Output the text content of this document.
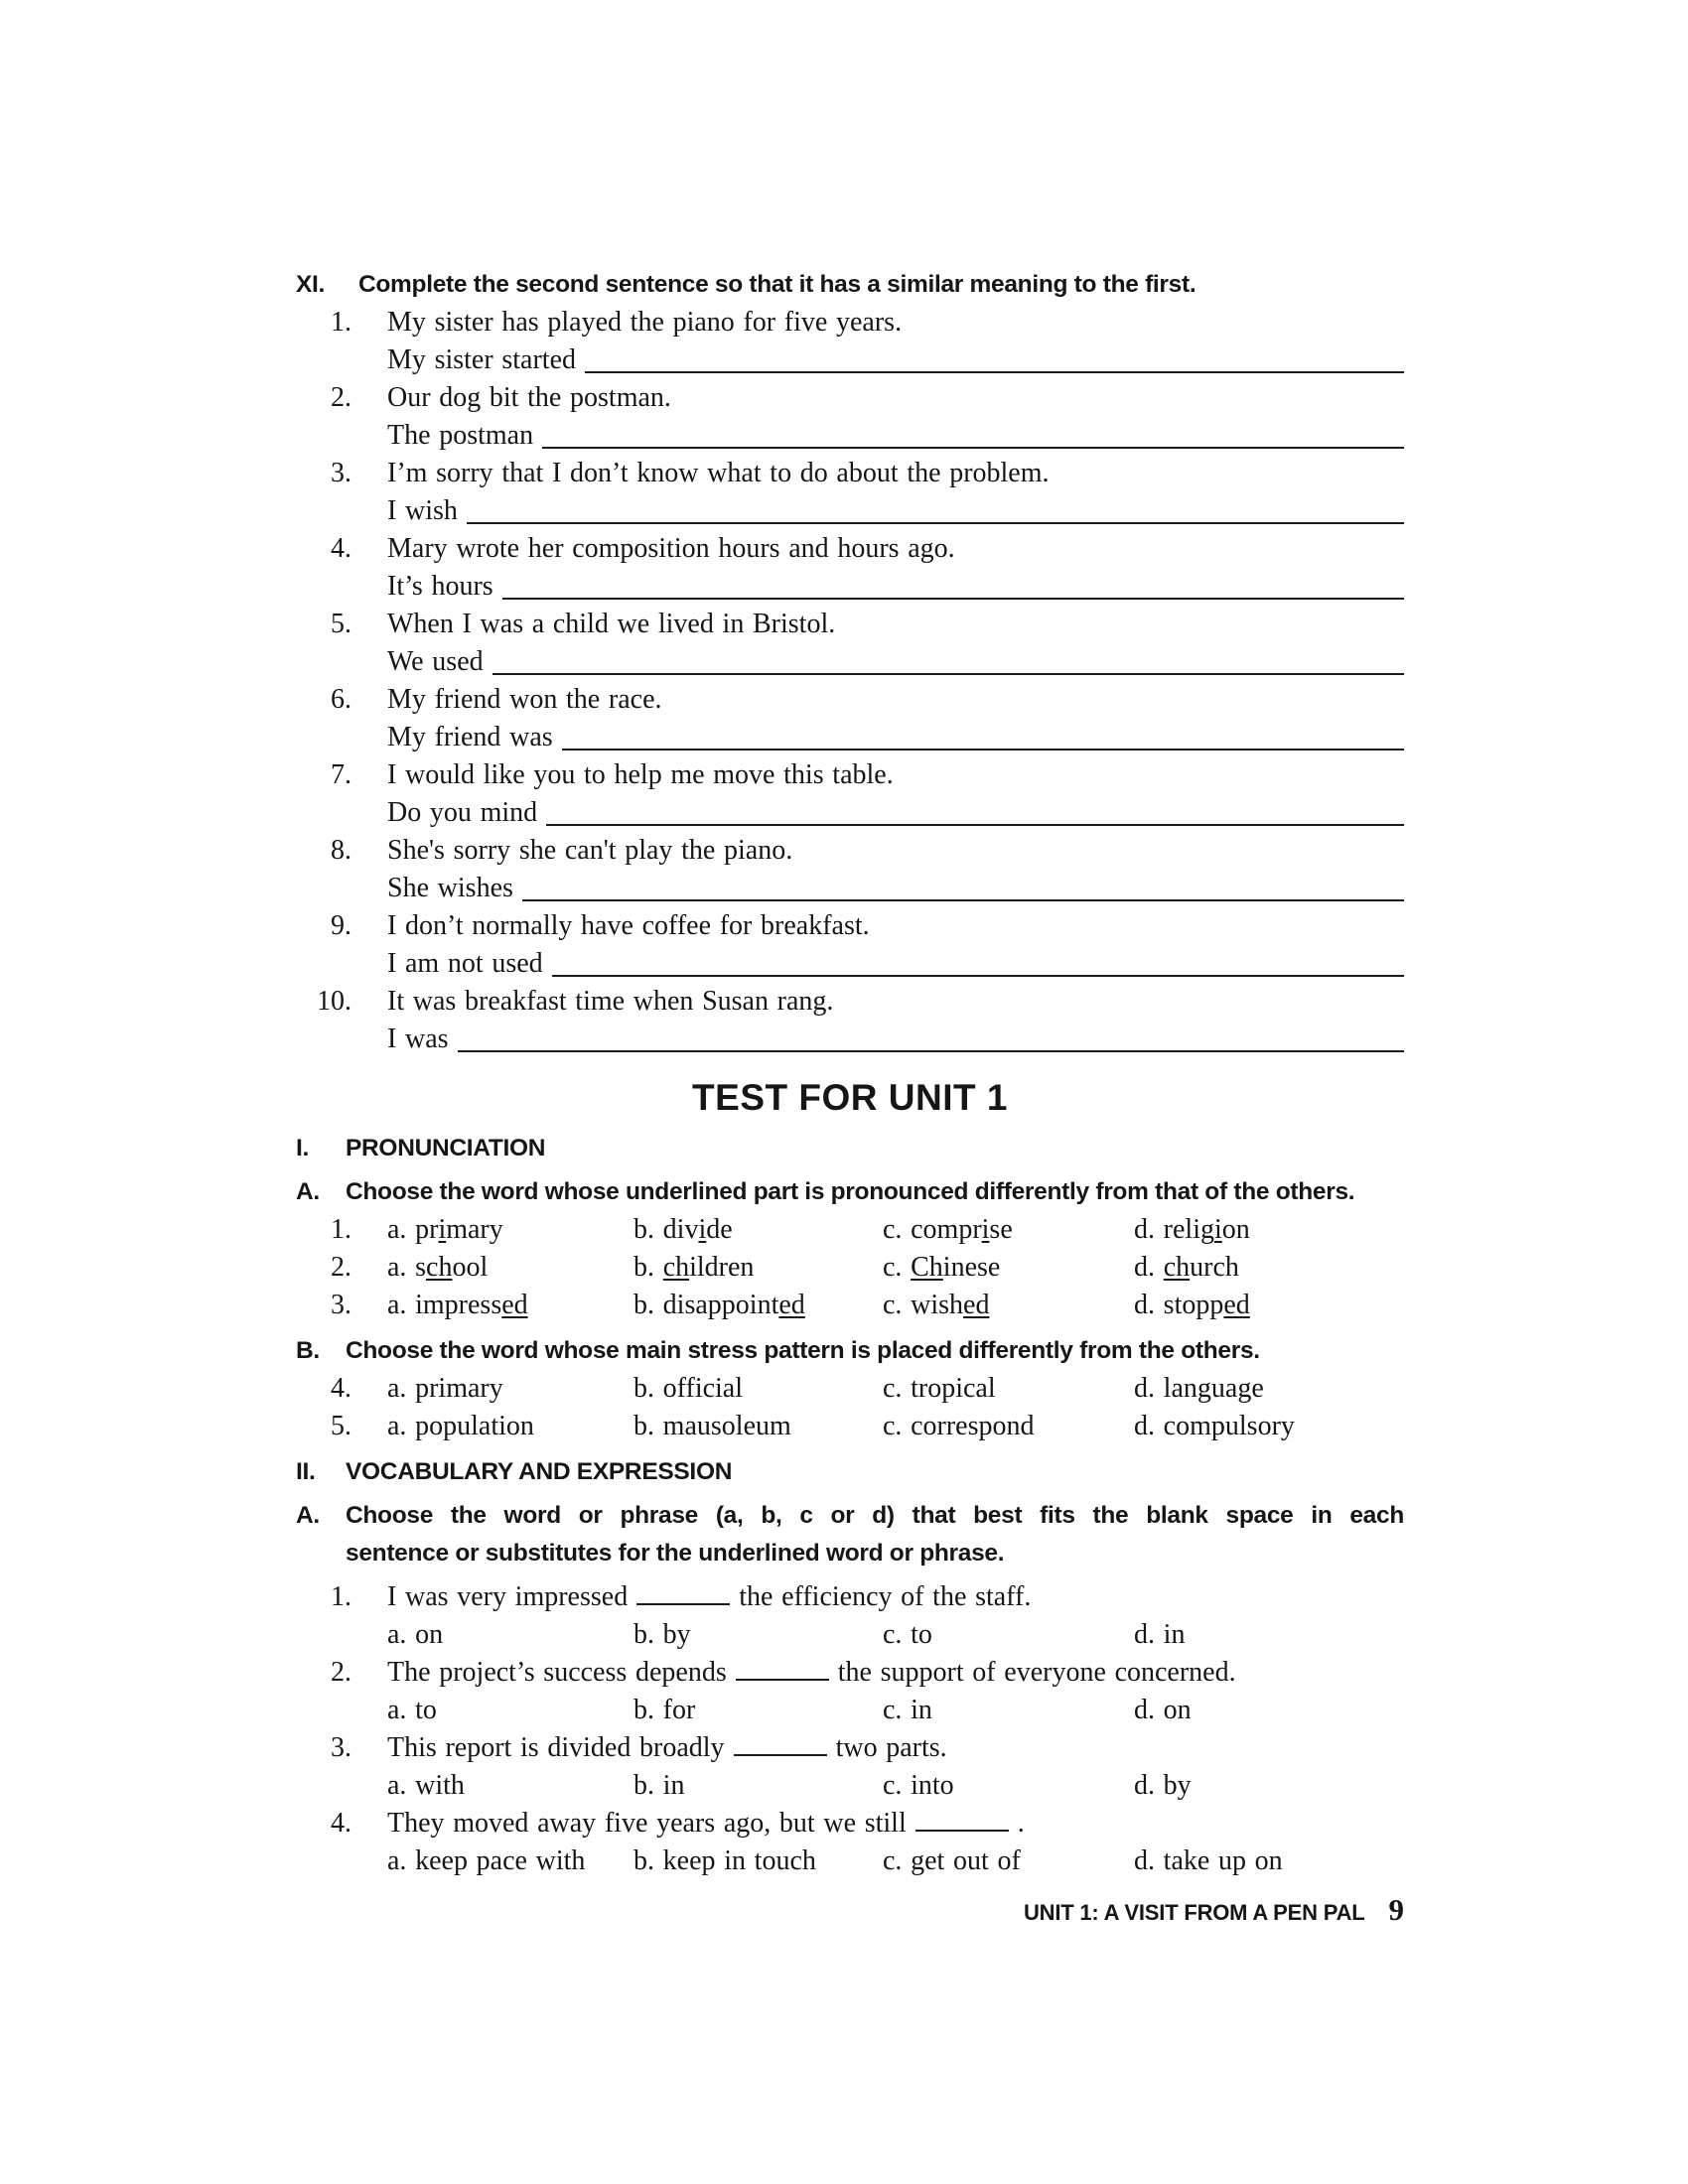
XI.	Complete the second sentence so that it has a similar meaning to the first.
1. My sister has played the piano for five years.
My sister started
2. Our dog bit the postman.
The postman
3. I’m sorry that I don’t know what to do about the problem.
I wish
4. Mary wrote her composition hours and hours ago.
It’s hours
5. When I was a child we lived in Bristol.
We used
6. My friend won the race.
My friend was
7. I would like you to help me move this table.
Do you mind
8. She's sorry she can't play the piano.
She wishes
9. I don’t normally have coffee for breakfast.
I am not used
10. It was breakfast time when Susan rang.
I was
TEST FOR UNIT 1
I.	PRONUNCIATION
A.	Choose the word whose underlined part is pronounced differently from that of the others.
1. a. primary	b. divide	c. comprise	d. religion
2. a. school	b. children	c. Chinese	d. church
3. a. impressed	b. disappointed	c. wished	d. stopped
B.	Choose the word whose main stress pattern is placed differently from the others.
4. a. primary	b. official	c. tropical	d. language
5. a. population	b. mausoleum	c. correspond	d. compulsory
II.	VOCABULARY AND EXPRESSION
A.	Choose the word or phrase (a, b, c or d) that best fits the blank space in each
sentence or substitutes for the underlined word or phrase.
1. I was very impressed	the efficiency of the staff.
a. on	b. by	c. to	d. in
2. The project’s success depends	the support of everyone concerned.
a. to	b. for	c. in	d. on
3. This report is divided broadly	two parts.
a. with	b. in	c. into	d. by
4. They moved away five years ago, but we still	.
a. keep pace with	b. keep in touch	c. get out of	d. take up on
UNIT 1: A VISIT FROM A PEN PAL 9
